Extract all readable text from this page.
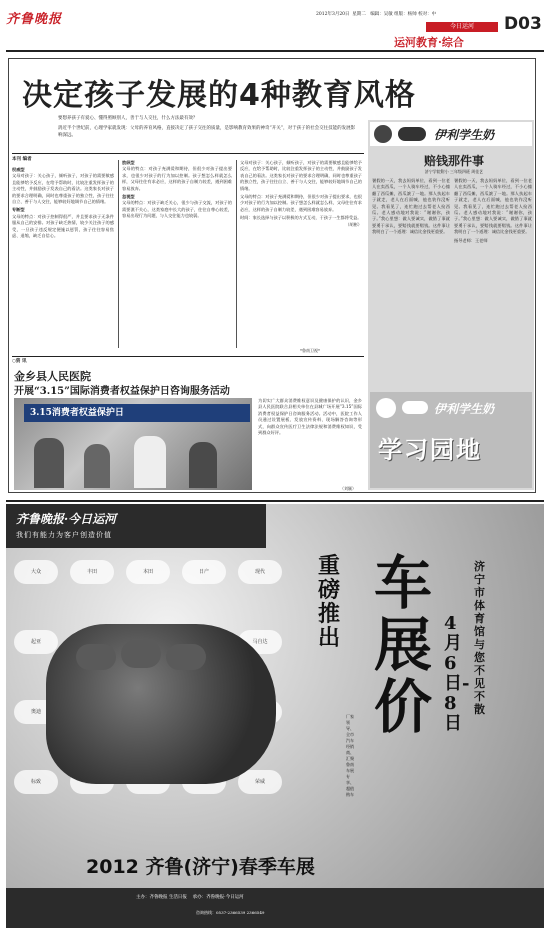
齐鲁晚报	2012年3月20日 星期二 编辑：吴敏 组版：杨帅 校对：中
今日运河
运河教育·综合
D03
决定孩子发展的4种教育风格
要想养孩子有爱心、懂得照顾别人，善于与人交往，什么方法最有效？
鸽近半个世纪前，心理学家就发现：父母的养育风格，直接决定了孩子交往的质量，是影响教育效果的神奇“开关”，对于孩子的社会交往技能的发展影响深远。
本刊 编者
权威型
父母对孩子：关心孩子，倾听孩子，对孩子的需要敏感且能够给予反应，在给予帮助时，比较注重发挥孩子的主动性，并鼓励孩子发表自己的看法。这类家长对孩子的要求合理明确，同时也尊重孩子的独立性，孩子往往自立、善于与人交往，能够较好地调节自己的情绪。
专断型
父母的特点：对孩子控制得很严，并且要求孩子无条件服从自己的安排。对孩子缺乏热情，较少关注孩子的感受，一旦孩子违反规定便施以惩罚，孩子往往容易焦虑、退缩，缺乏自信心。
放纵型
父母的特点：对孩子充满爱和期待，但很少对孩子提出要求，也很少对孩子的行为加以控制。孩子想怎么样就怎么样，父母往往有求必应，这样的孩子自制力较差，遇到困难容易放弃。
忽视型
父母的特点：对孩子缺乏关心，很少与孩子交流，对孩子的需要漠不关心，这类家庭中长大的孩子，往往自尊心较差，容易出现行为问题，与人交往能力也较弱。
父母对孩子：关心孩子，倾听孩子，对孩子的需要敏感且能够给予反应，在给予帮助时，比较注重发挥孩子的主动性，并鼓励孩子发表自己的看法。这类家长对孩子的要求合理明确，同时也尊重孩子的独立性，孩子往往自立、善于与人交往，能够较好地调节自己的情绪。
父母的特点：对孩子充满爱和期待，但很少对孩子提出要求，也很少对孩子的行为加以控制。孩子想怎么样就怎么样，父母往往有求必应，这样的孩子自制力较差，遇到困难容易放弃。
时间：家长选择与孩子以积极的方式互动，于孩子一生都将受益。
（胡彬）
*鲁南卫视*
○资 讯
金乡县人民医院
开展“3.15”国际消费者权益保护日咨询服务活动
3.15消费者权益保护日
为切实广大群众消费维权意识及健康保护的认识，金乡县人民医院联合县相关单位在县城广场开展“3.15”国际消费者权益保护日咨询服务活动。活动中，医院工作人员通过设置展板、发放宣传资料、现场解答咨询等形式，向群众宣传医疗卫生法律法规和消费维权知识，受到群众好评。
（刘颖）
伊利学生奶
赔钱那件事
济宁学院附小 三年级四班 周佳艺
暑假的一天，我去妈妈单位，看到一位老人在卖西瓜，一个人骑车经过，不小心撞翻了西瓜摊，西瓜滚了一地。那人扶起车子就走，老人在后面喊，他也装作没听见。我看见了，连忙跑过去帮老人捡西瓜。老人感动地对我说：“谢谢你，孩子。”我心里想：做人要诚实，做错了事就要勇于承认，要赔钱就要赔钱。这件事让我明白了一个道理：诚信比金钱更重要。
暑假的一天，我去妈妈单位，看到一位老人在卖西瓜，一个人骑车经过，不小心撞翻了西瓜摊，西瓜滚了一地。那人扶起车子就走，老人在后面喊，他也装作没听见。我看见了，连忙跑过去帮老人捡西瓜。老人感动地对我说：“谢谢你，孩子。”我心里想：做人要诚实，做错了事就要勇于承认，要赔钱就要赔钱。这件事让我明白了一个道理：诚信比金钱更重要。
指导老师：王老师
伊利学生奶
学习园地
齐鲁晚报·今日运河
我们有能力为客户创造价值
大众	丰田	本田	日产	现代
起亚	马自达
奥迪
标致	荣威
重磅推出
车展价
4月6日-8日
济宁市体育馆与您不见不散
厂家领导、全市汽车经销商、汇聚鲁南 车展专享、超值购车
2012 齐鲁(济宁)春季车展
主办：齐鲁晚报 生活日报 承办：齐鲁晚报·今日运河
咨询热线：0537-2366539 2366549
